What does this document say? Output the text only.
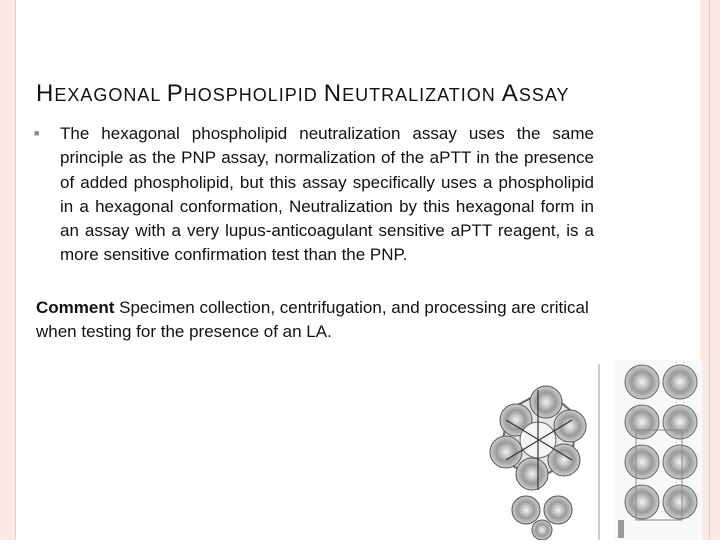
HEXAGONAL PHOSPHOLIPID NEUTRALIZATION ASSAY
■ The hexagonal phospholipid neutralization assay uses the same principle as the PNP assay, normalization of the aPTT in the presence of added phospholipid, but this assay specifically uses a phospholipid in a hexagonal conformation, Neutralization by this hexagonal form in an assay with a very lupus-anticoagulant sensitive aPTT reagent, is a more sensitive confirmation test than the PNP.
Comment Specimen collection, centrifugation, and processing are critical when testing for the presence of an LA.
